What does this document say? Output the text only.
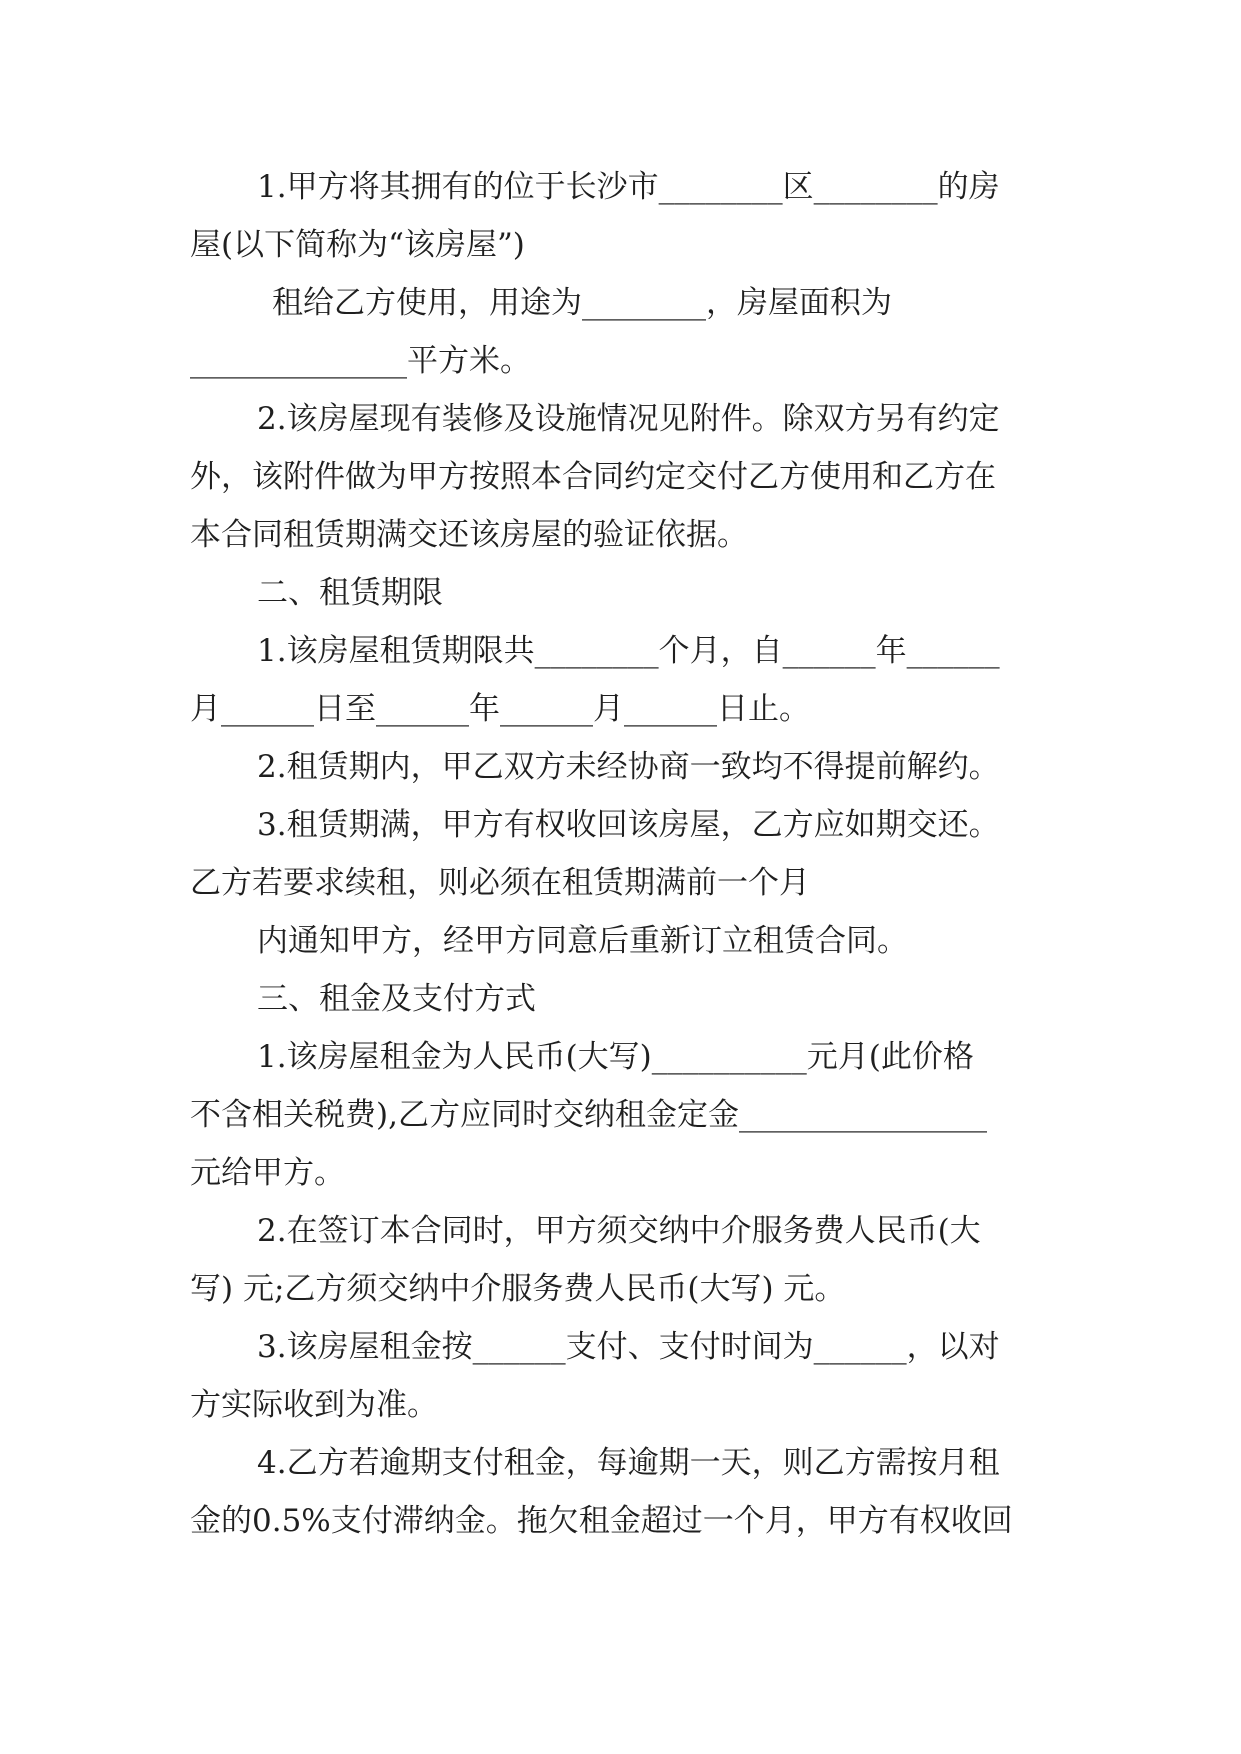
1.甲方将其拥有的位于长沙市________区________的房
屋(以下简称为“该房屋”)
租给乙方使用，用途为________，房屋面积为
______________平方米。
2.该房屋现有装修及设施情况见附件。除双方另有约定
外，该附件做为甲方按照本合同约定交付乙方使用和乙方在
本合同租赁期满交还该房屋的验证依据。
二、租赁期限
1.该房屋租赁期限共________个月，自______年______
月______日至______年______月______日止。
2.租赁期内，甲乙双方未经协商一致均不得提前解约。
3.租赁期满，甲方有权收回该房屋，乙方应如期交还。
乙方若要求续租，则必须在租赁期满前一个月
内通知甲方，经甲方同意后重新订立租赁合同。
三、租金及支付方式
1.该房屋租金为人民币(大写)__________元月(此价格
不含相关税费),乙方应同时交纳租金定金________________
元给甲方。
2.在签订本合同时，甲方须交纳中介服务费人民币(大
写) 元;乙方须交纳中介服务费人民币(大写) 元。
3.该房屋租金按______支付、支付时间为______，以对
方实际收到为准。
4.乙方若逾期支付租金，每逾期一天，则乙方需按月租
金的0.5%支付滞纳金。拖欠租金超过一个月，甲方有权收回
